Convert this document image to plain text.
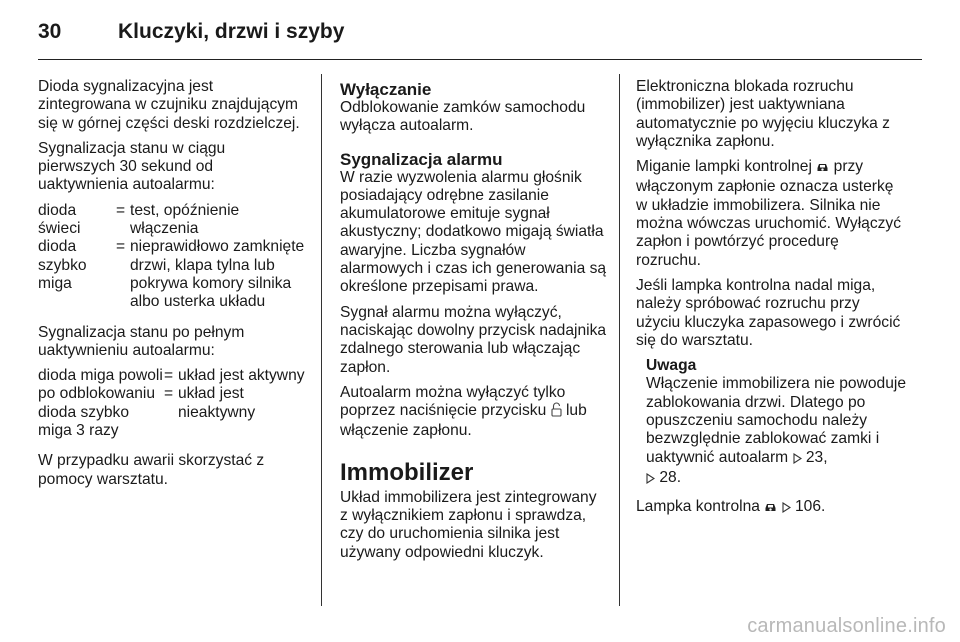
30	Kluczyki, drzwi i szyby

Dioda sygnalizacyjna jest zintegrowana w czujniku znajdującym się w górnej części deski rozdzielczej.

Sygnalizacja stanu w ciągu pierwszych 30 sekund od uaktywnienia autoalarmu:

dioda świeci	=	test, opóźnienie włączenia
dioda szybko miga	=	nieprawidłowo zamknięte drzwi, klapa tylna lub pokrywa komory silnika albo usterka układu

Sygnalizacja stanu po pełnym uaktywnieniu autoalarmu:

dioda miga powoli	=	układ jest aktywny
po odblokowaniu dioda szybko miga 3 razy	=	układ jest nieaktywny

W przypadku awarii skorzystać z pomocy warsztatu.

Wyłączanie

Odblokowanie zamków samochodu wyłącza autoalarm.

Sygnalizacja alarmu

W razie wyzwolenia alarmu głośnik posiadający odrębne zasilanie akumulatorowe emituje sygnał akustyczny; dodatkowo migają światła awaryjne. Liczba sygnałów alarmowych i czas ich generowania są określone przepisami prawa.

Sygnał alarmu można wyłączyć, naciskając dowolny przycisk nadajnika zdalnego sterowania lub włączając zapłon.

Autoalarm można wyłączyć tylko poprzez naciśnięcie przycisku lub włączenie zapłonu.

Immobilizer

Układ immobilizera jest zintegrowany z wyłącznikiem zapłonu i sprawdza, czy do uruchomienia silnika jest używany odpowiedni kluczyk.

Elektroniczna blokada rozruchu (immobilizer) jest uaktywniana automatycznie po wyjęciu kluczyka z wyłącznika zapłonu.

Miganie lampki kontrolnej przy włączonym zapłonie oznacza usterkę w układzie immobilizera. Silnika nie można wówczas uruchomić. Wyłączyć zapłon i powtórzyć procedurę rozruchu.

Jeśli lampka kontrolna nadal miga, należy spróbować rozruchu przy użyciu kluczyka zapasowego i zwrócić się do warsztatu.

Uwaga
Włączenie immobilizera nie powoduje zablokowania drzwi. Dlatego po opuszczeniu samochodu należy bezwzględnie zablokować zamki i uaktywnić autoalarm 23,
28.

Lampka kontrolna 106.

carmanualsonline.info
